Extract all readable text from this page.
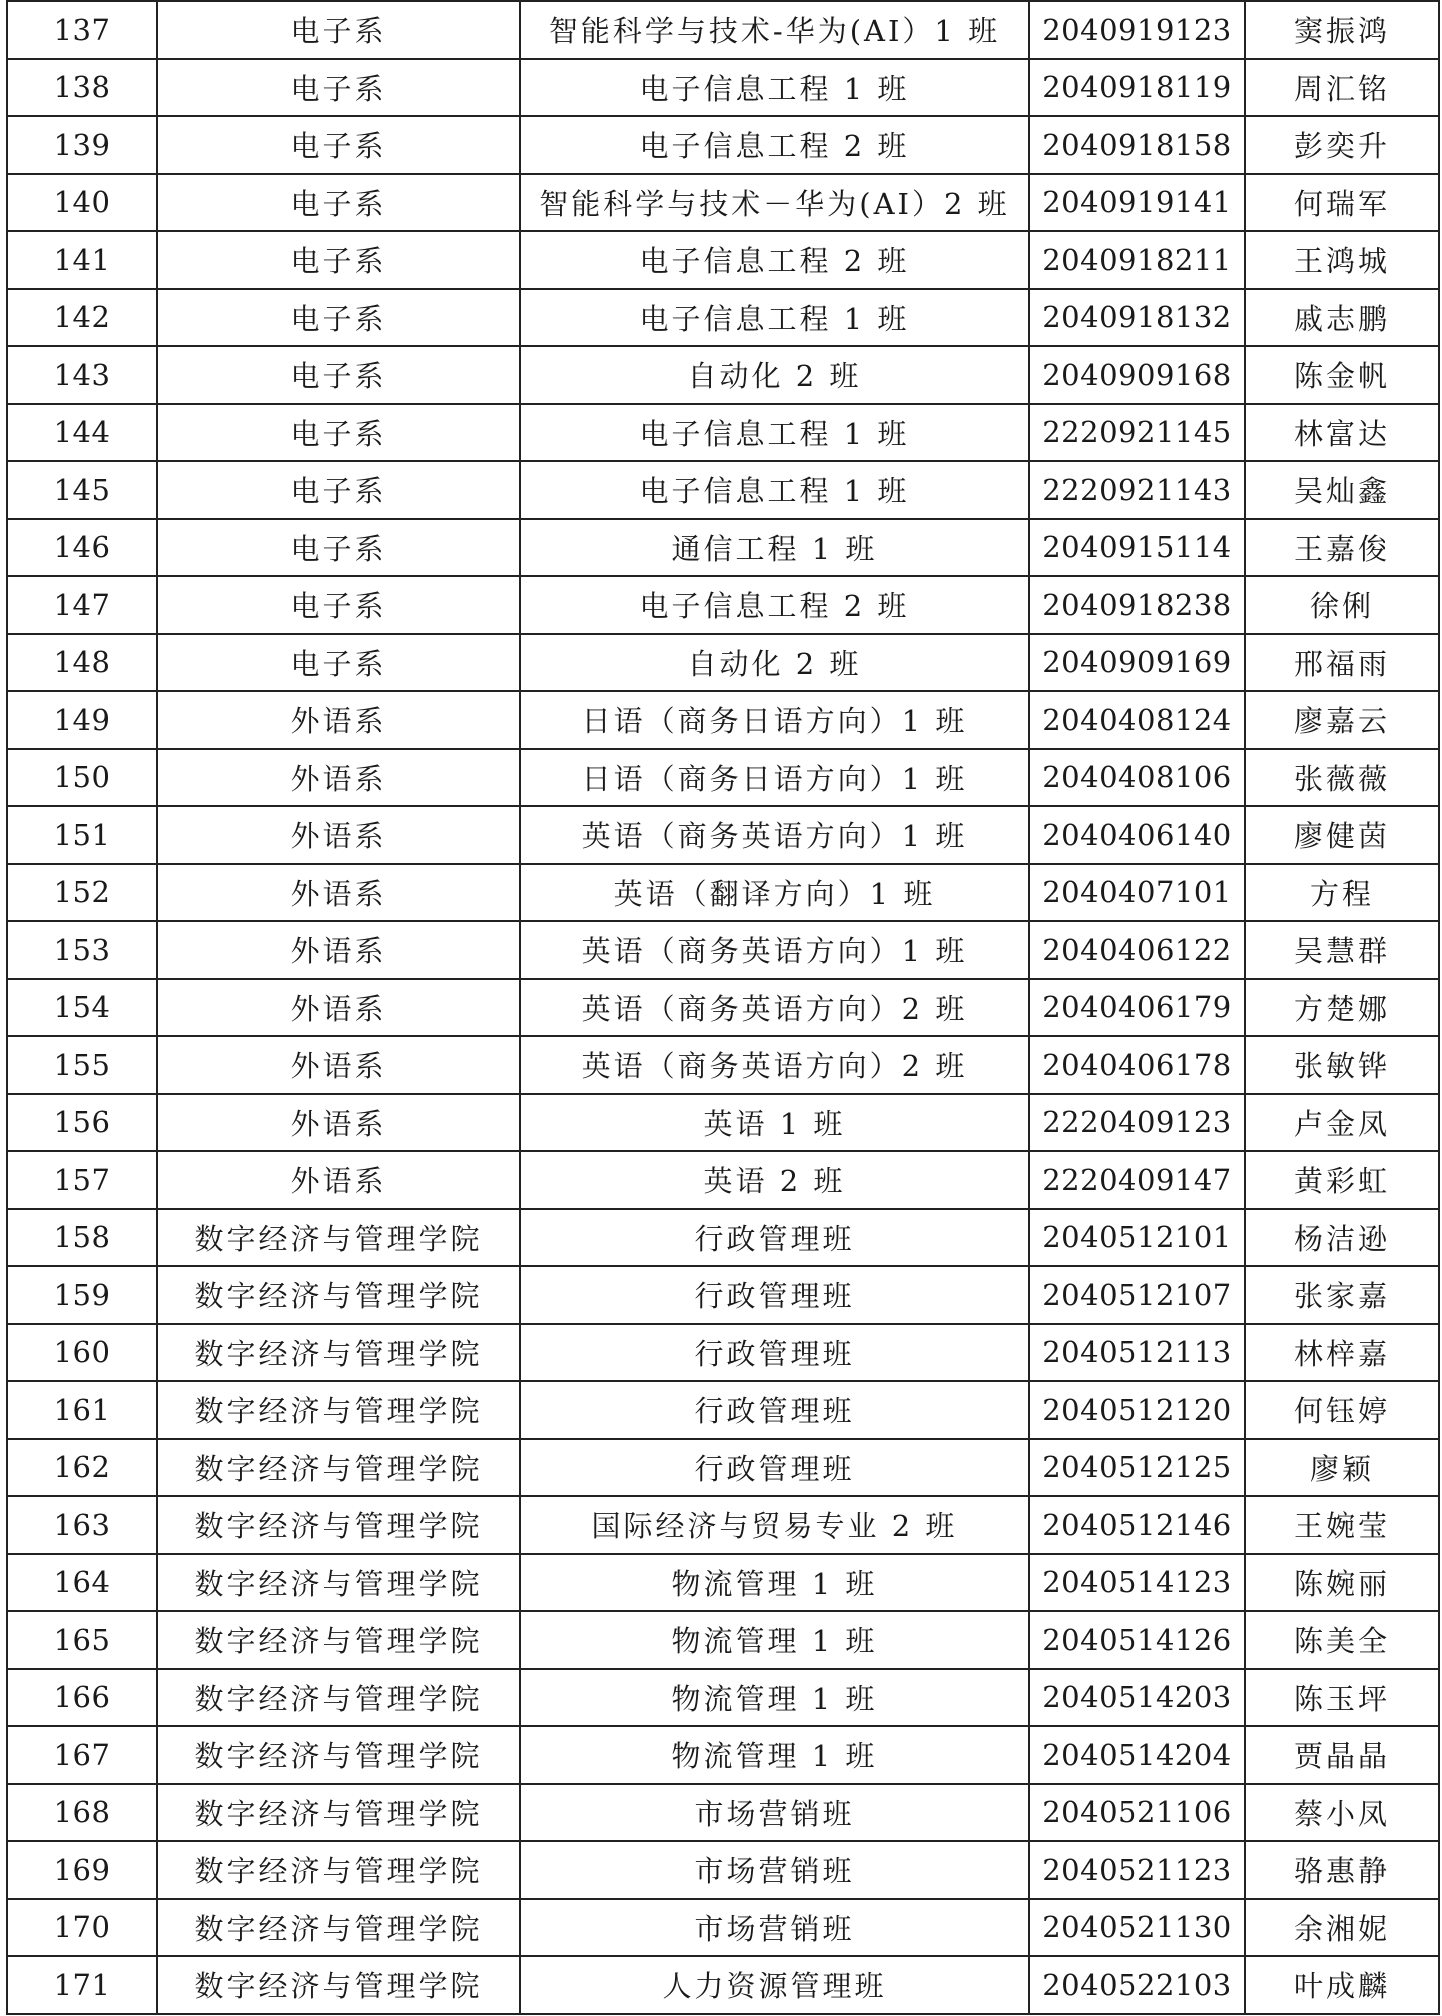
137	电子系	智能科学与技术-华为(AI）1 班	2040919123	窦振鸿
138	电子系	电子信息工程 1 班	2040918119	周汇铭
139	电子系	电子信息工程 2 班	2040918158	彭奕升
140	电子系	智能科学与技术－华为(AI）2 班	2040919141	何瑞军
141	电子系	电子信息工程 2 班	2040918211	王鸿城
142	电子系	电子信息工程 1 班	2040918132	戚志鹏
143	电子系	自动化 2 班	2040909168	陈金帆
144	电子系	电子信息工程 1 班	2220921145	林富达
145	电子系	电子信息工程 1 班	2220921143	吴灿鑫
146	电子系	通信工程 1 班	2040915114	王嘉俊
147	电子系	电子信息工程 2 班	2040918238	徐俐
148	电子系	自动化 2 班	2040909169	邢福雨
149	外语系	日语（商务日语方向）1 班	2040408124	廖嘉云
150	外语系	日语（商务日语方向）1 班	2040408106	张薇薇
151	外语系	英语（商务英语方向）1 班	2040406140	廖健茵
152	外语系	英语（翻译方向）1 班	2040407101	方程
153	外语系	英语（商务英语方向）1 班	2040406122	吴慧群
154	外语系	英语（商务英语方向）2 班	2040406179	方楚娜
155	外语系	英语（商务英语方向）2 班	2040406178	张敏铧
156	外语系	英语 1 班	2220409123	卢金凤
157	外语系	英语 2 班	2220409147	黄彩虹
158	数字经济与管理学院	行政管理班	2040512101	杨洁逊
159	数字经济与管理学院	行政管理班	2040512107	张家嘉
160	数字经济与管理学院	行政管理班	2040512113	林梓嘉
161	数字经济与管理学院	行政管理班	2040512120	何钰婷
162	数字经济与管理学院	行政管理班	2040512125	廖颖
163	数字经济与管理学院	国际经济与贸易专业 2 班	2040512146	王婉莹
164	数字经济与管理学院	物流管理 1 班	2040514123	陈婉丽
165	数字经济与管理学院	物流管理 1 班	2040514126	陈美全
166	数字经济与管理学院	物流管理 1 班	2040514203	陈玉坪
167	数字经济与管理学院	物流管理 1 班	2040514204	贾晶晶
168	数字经济与管理学院	市场营销班	2040521106	蔡小凤
169	数字经济与管理学院	市场营销班	2040521123	骆惠静
170	数字经济与管理学院	市场营销班	2040521130	余湘妮
171	数字经济与管理学院	人力资源管理班	2040522103	叶成麟
